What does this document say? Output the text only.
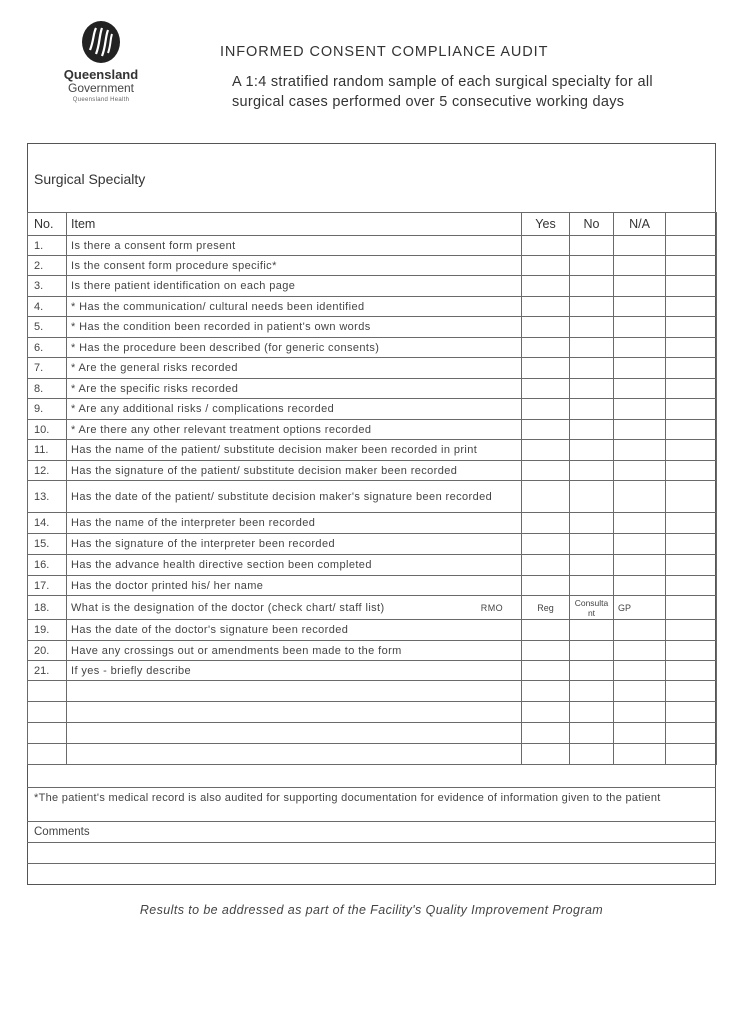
Queensland
Government
Queensland Health
INFORMED CONSENT COMPLIANCE AUDIT
A 1:4 stratified random sample of each surgical specialty for all surgical cases performed over 5 consecutive working days
Surgical Specialty
No.	Item	Yes	No	N/A	
1.	Is there a consent form present				
2.	Is the consent form procedure specific*				
3.	Is there patient identification on each page				
4.	* Has the communication/ cultural needs been identified				
5.	* Has the condition been recorded in patient's own words				
6.	* Has the procedure been described (for generic consents)				
7.	* Are the general risks recorded				
8.	* Are the specific risks recorded				
9.	* Are any additional risks / complications recorded				
10.	* Are there any other relevant treatment options recorded				
11.	Has the name of the patient/ substitute decision maker been recorded in print				
12.	Has the signature of the patient/ substitute decision maker been recorded				
13.	Has the date of the patient/ substitute decision maker's signature been recorded				
14.	Has the name of the interpreter been recorded				
15.	Has the signature of the interpreter been recorded				
16.	Has the advance health directive section been completed				
17.	Has the doctor printed his/ her name				
18.	What is the designation of the doctor (check chart/ staff list) RMO	Reg	Consultant	GP	
19.	Has the date of the doctor's signature been recorded				
20.	Have any crossings out or amendments been made to the form				
21.	If yes - briefly describe				

*The patient's medical record is also audited for supporting documentation for evidence of information given to the patient
Comments
Results to be addressed as part of the Facility's Quality Improvement Program
